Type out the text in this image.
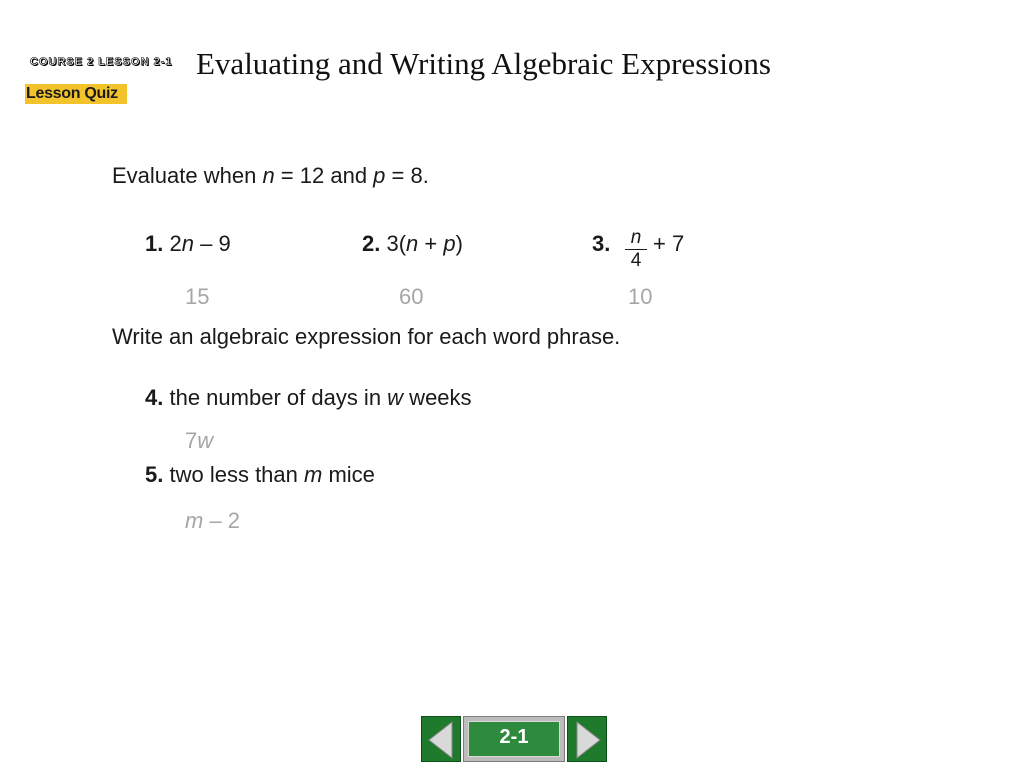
COURSE 2 LESSON 2-1
Lesson Quiz
Evaluating and Writing Algebraic Expressions
Evaluate when n = 12 and p = 8.
1. 2n – 9
15
2. 3(n + p)
60
3.	n
4
+ 7
10
Write an algebraic expression for each word phrase.
4. the number of days in w weeks
7w
5. two less than m mice
m – 2
2-1
